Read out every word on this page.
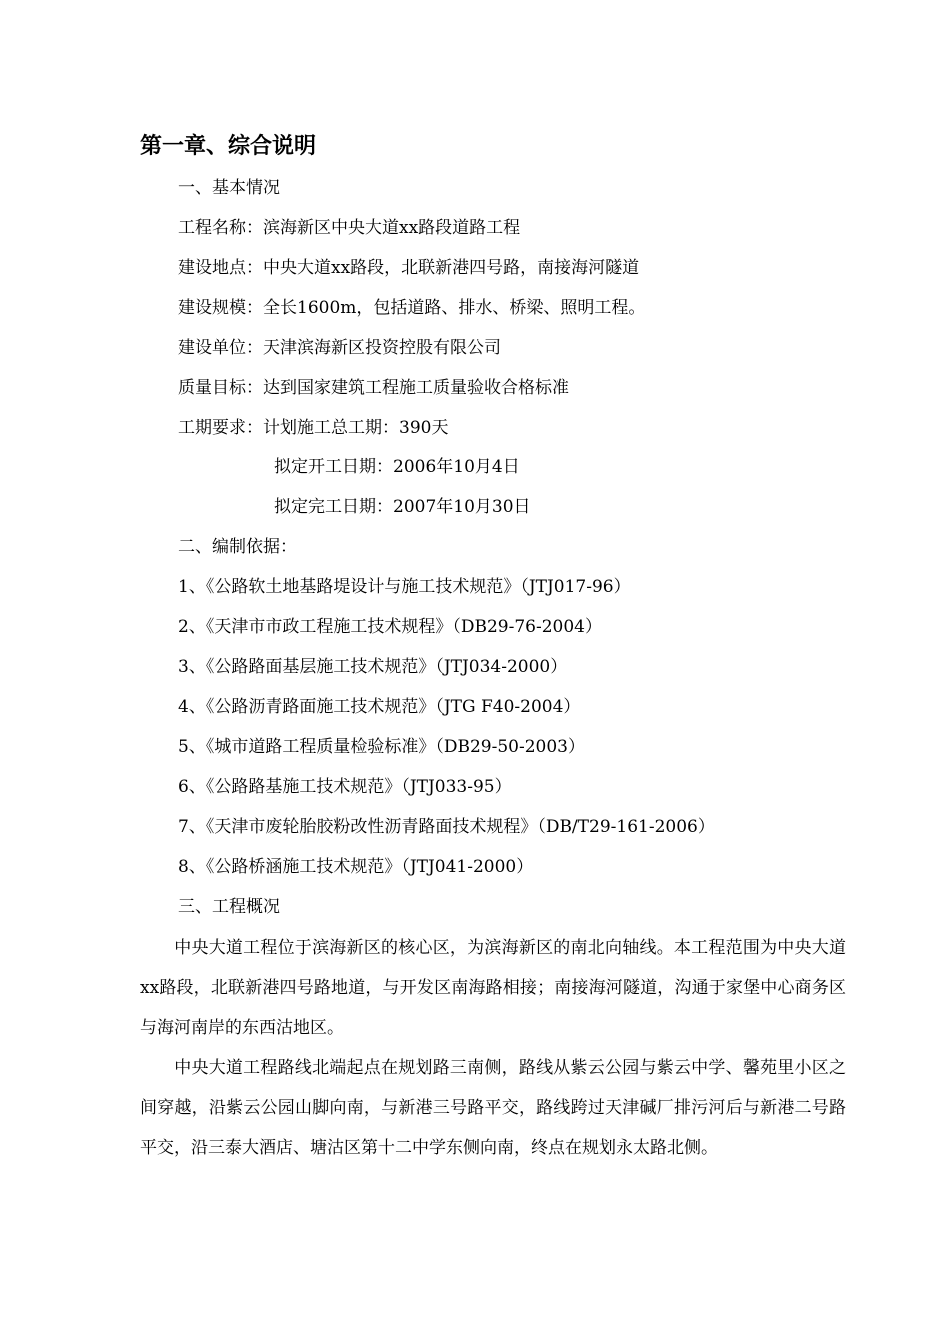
第一章、综合说明
一、基本情况
工程名称：滨海新区中央大道xx路段道路工程
建设地点：中央大道xx路段，北联新港四号路，南接海河隧道
建设规模：全长1600m，包括道路、排水、桥梁、照明工程。
建设单位：天津滨海新区投资控股有限公司
质量目标：达到国家建筑工程施工质量验收合格标准
工期要求：计划施工总工期：390天
拟定开工日期：2006年10月4日
拟定完工日期：2007年10月30日
二、编制依据：
1、《公路软土地基路堤设计与施工技术规范》（JTJ017-96）
2、《天津市市政工程施工技术规程》（DB29-76-2004）
3、《公路路面基层施工技术规范》（JTJ034-2000）
4、《公路沥青路面施工技术规范》（JTG F40-2004）
5、《城市道路工程质量检验标准》（DB29-50-2003）
6、《公路路基施工技术规范》（JTJ033-95）
7、《天津市废轮胎胶粉改性沥青路面技术规程》（DB/T29-161-2006）
8、《公路桥涵施工技术规范》（JTJ041-2000）
三、工程概况
中央大道工程位于滨海新区的核心区，为滨海新区的南北向轴线。本工程范围为中央大道xx路段，北联新港四号路地道，与开发区南海路相接；南接海河隧道，沟通于家堡中心商务区与海河南岸的东西沽地区。
中央大道工程路线北端起点在规划路三南侧，路线从紫云公园与紫云中学、馨苑里小区之间穿越，沿紫云公园山脚向南，与新港三号路平交，路线跨过天津碱厂排污河后与新港二号路平交，沿三泰大酒店、塘沽区第十二中学东侧向南，终点在规划永太路北侧。
